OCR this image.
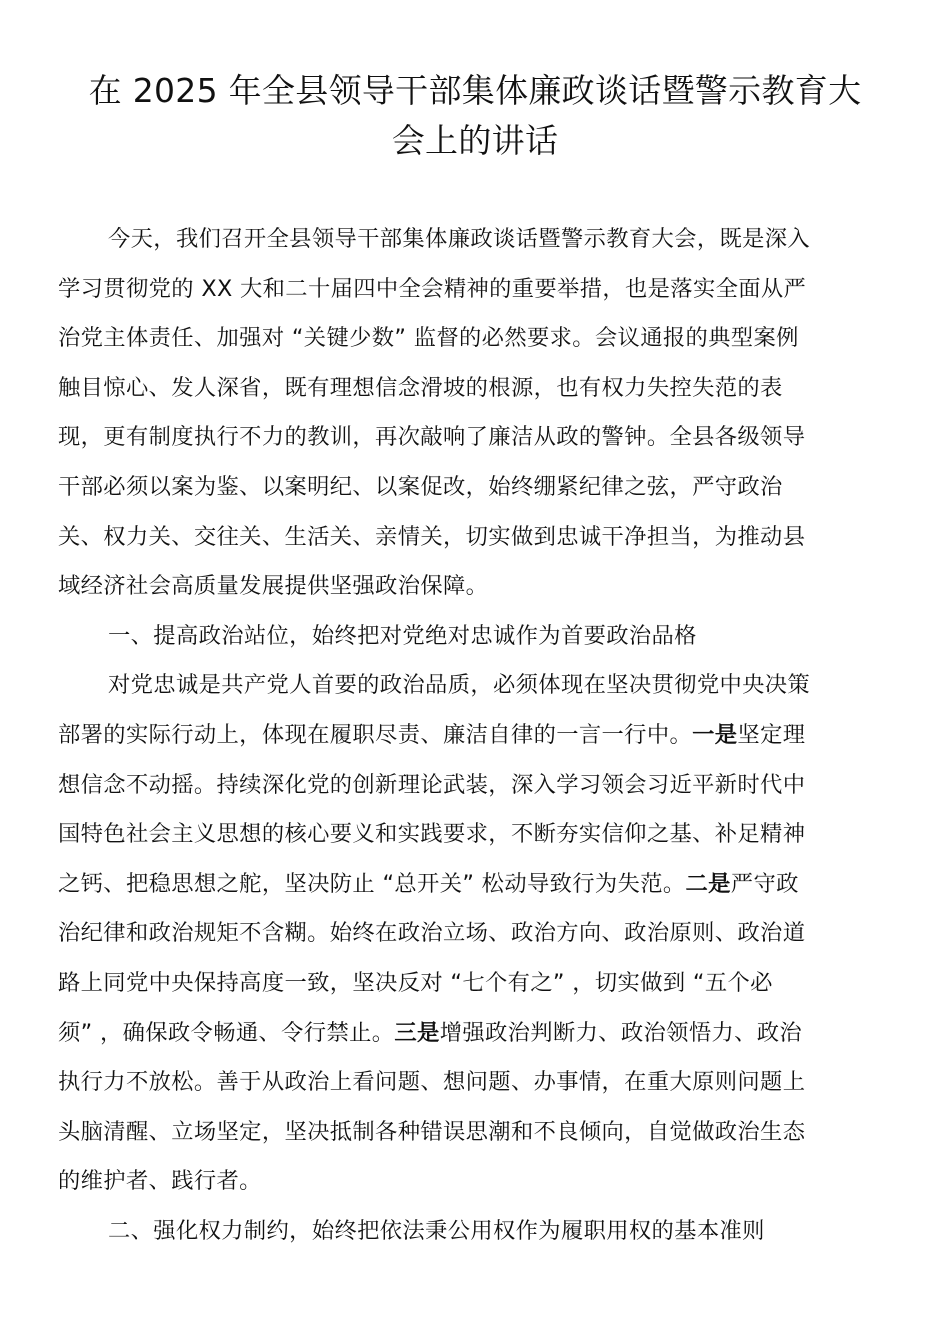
在 2025 年全县领导干部集体廉政谈话暨警示教育大
会上的讲话
今天，我们召开全县领导干部集体廉政谈话暨警示教育大会，既是深入
学习贯彻党的 XX 大和二十届四中全会精神的重要举措，也是落实全面从严
治党主体责任、加强对 “关键少数” 监督的必然要求。会议通报的典型案例
触目惊心、发人深省，既有理想信念滑坡的根源，也有权力失控失范的表
现，更有制度执行不力的教训，再次敲响了廉洁从政的警钟。全县各级领导
干部必须以案为鉴、以案明纪、以案促改，始终绷紧纪律之弦，严守政治
关、权力关、交往关、生活关、亲情关，切实做到忠诚干净担当，为推动县
域经济社会高质量发展提供坚强政治保障。
一、提高政治站位，始终把对党绝对忠诚作为首要政治品格
对党忠诚是共产党人首要的政治品质，必须体现在坚决贯彻党中央决策
部署的实际行动上，体现在履职尽责、廉洁自律的一言一行中。一是坚定理
想信念不动摇。持续深化党的创新理论武装，深入学习领会习近平新时代中
国特色社会主义思想的核心要义和实践要求，不断夯实信仰之基、补足精神
之钙、把稳思想之舵，坚决防止 “总开关” 松动导致行为失范。二是严守政
治纪律和政治规矩不含糊。始终在政治立场、政治方向、政治原则、政治道
路上同党中央保持高度一致，坚决反对 “七个有之” ，切实做到 “五个必
须” ，确保政令畅通、令行禁止。三是增强政治判断力、政治领悟力、政治
执行力不放松。善于从政治上看问题、想问题、办事情，在重大原则问题上
头脑清醒、立场坚定，坚决抵制各种错误思潮和不良倾向，自觉做政治生态
的维护者、践行者。
二、强化权力制约，始终把依法秉公用权作为履职用权的基本准则
